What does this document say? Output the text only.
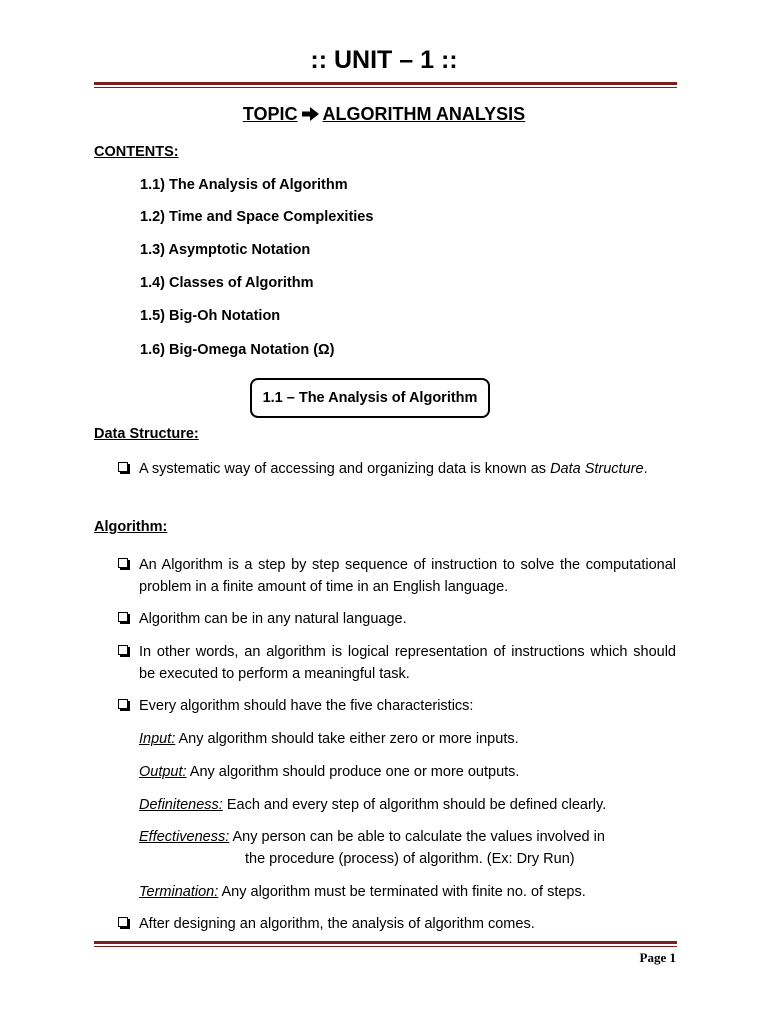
:: UNIT – 1 ::
TOPIC ALGORITHM ANALYSIS
CONTENTS:
1.1) The Analysis of Algorithm
1.2) Time and Space Complexities
1.3) Asymptotic Notation
1.4) Classes of Algorithm
1.5) Big-Oh Notation
1.6) Big-Omega Notation (Ω)
1.1 – The Analysis of Algorithm
Data Structure:
A systematic way of accessing and organizing data is known as Data Structure.
Algorithm:
An Algorithm is a step by step sequence of instruction to solve the computational problem in a finite amount of time in an English language.
Algorithm can be in any natural language.
In other words, an algorithm is logical representation of instructions which should be executed to perform a meaningful task.
Every algorithm should have the five characteristics:
Input: Any algorithm should take either zero or more inputs.
Output: Any algorithm should produce one or more outputs.
Definiteness: Each and every step of algorithm should be defined clearly.
Effectiveness: Any person can be able to calculate the values involved in
the procedure (process) of algorithm. (Ex: Dry Run)
Termination: Any algorithm must be terminated with finite no. of steps.
After designing an algorithm, the analysis of algorithm comes.
Page 1
